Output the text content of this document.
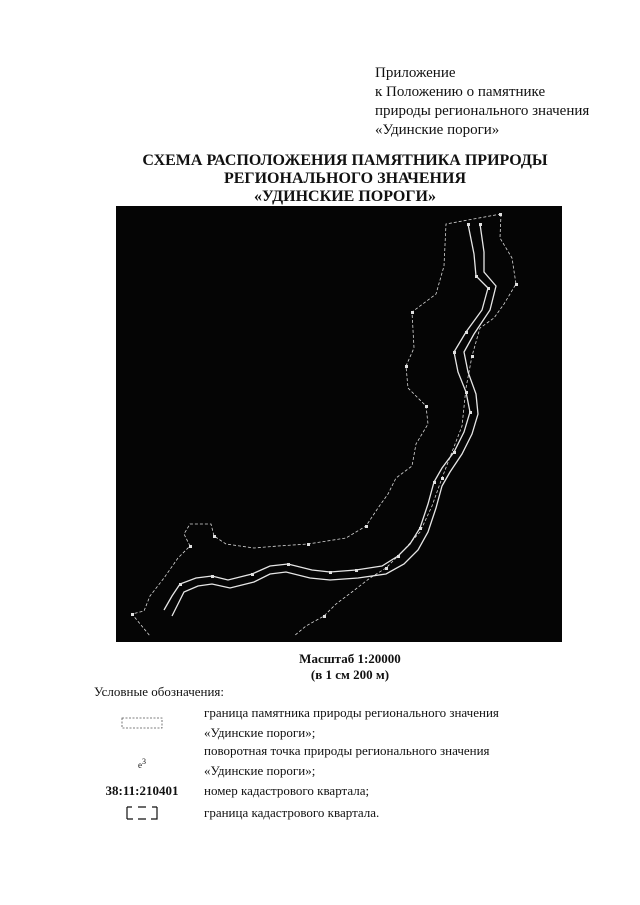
Приложение
к Положению о памятнике
природы регионального значения
«Удинские пороги»
СХЕМА РАСПОЛОЖЕНИЯ ПАМЯТНИКА ПРИРОДЫ
РЕГИОНАЛЬНОГО ЗНАЧЕНИЯ
«УДИНСКИЕ ПОРОГИ»
Масштаб 1:20000
(в 1 см 200 м)
Условные обозначения:
граница памятника природы регионального значения
«Удинские пороги»;
$е^3$
поворотная точка природы регионального значения
«Удинские пороги»;
38:11:210401	номер кадастрового квартала;
граница кадастрового квартала.
